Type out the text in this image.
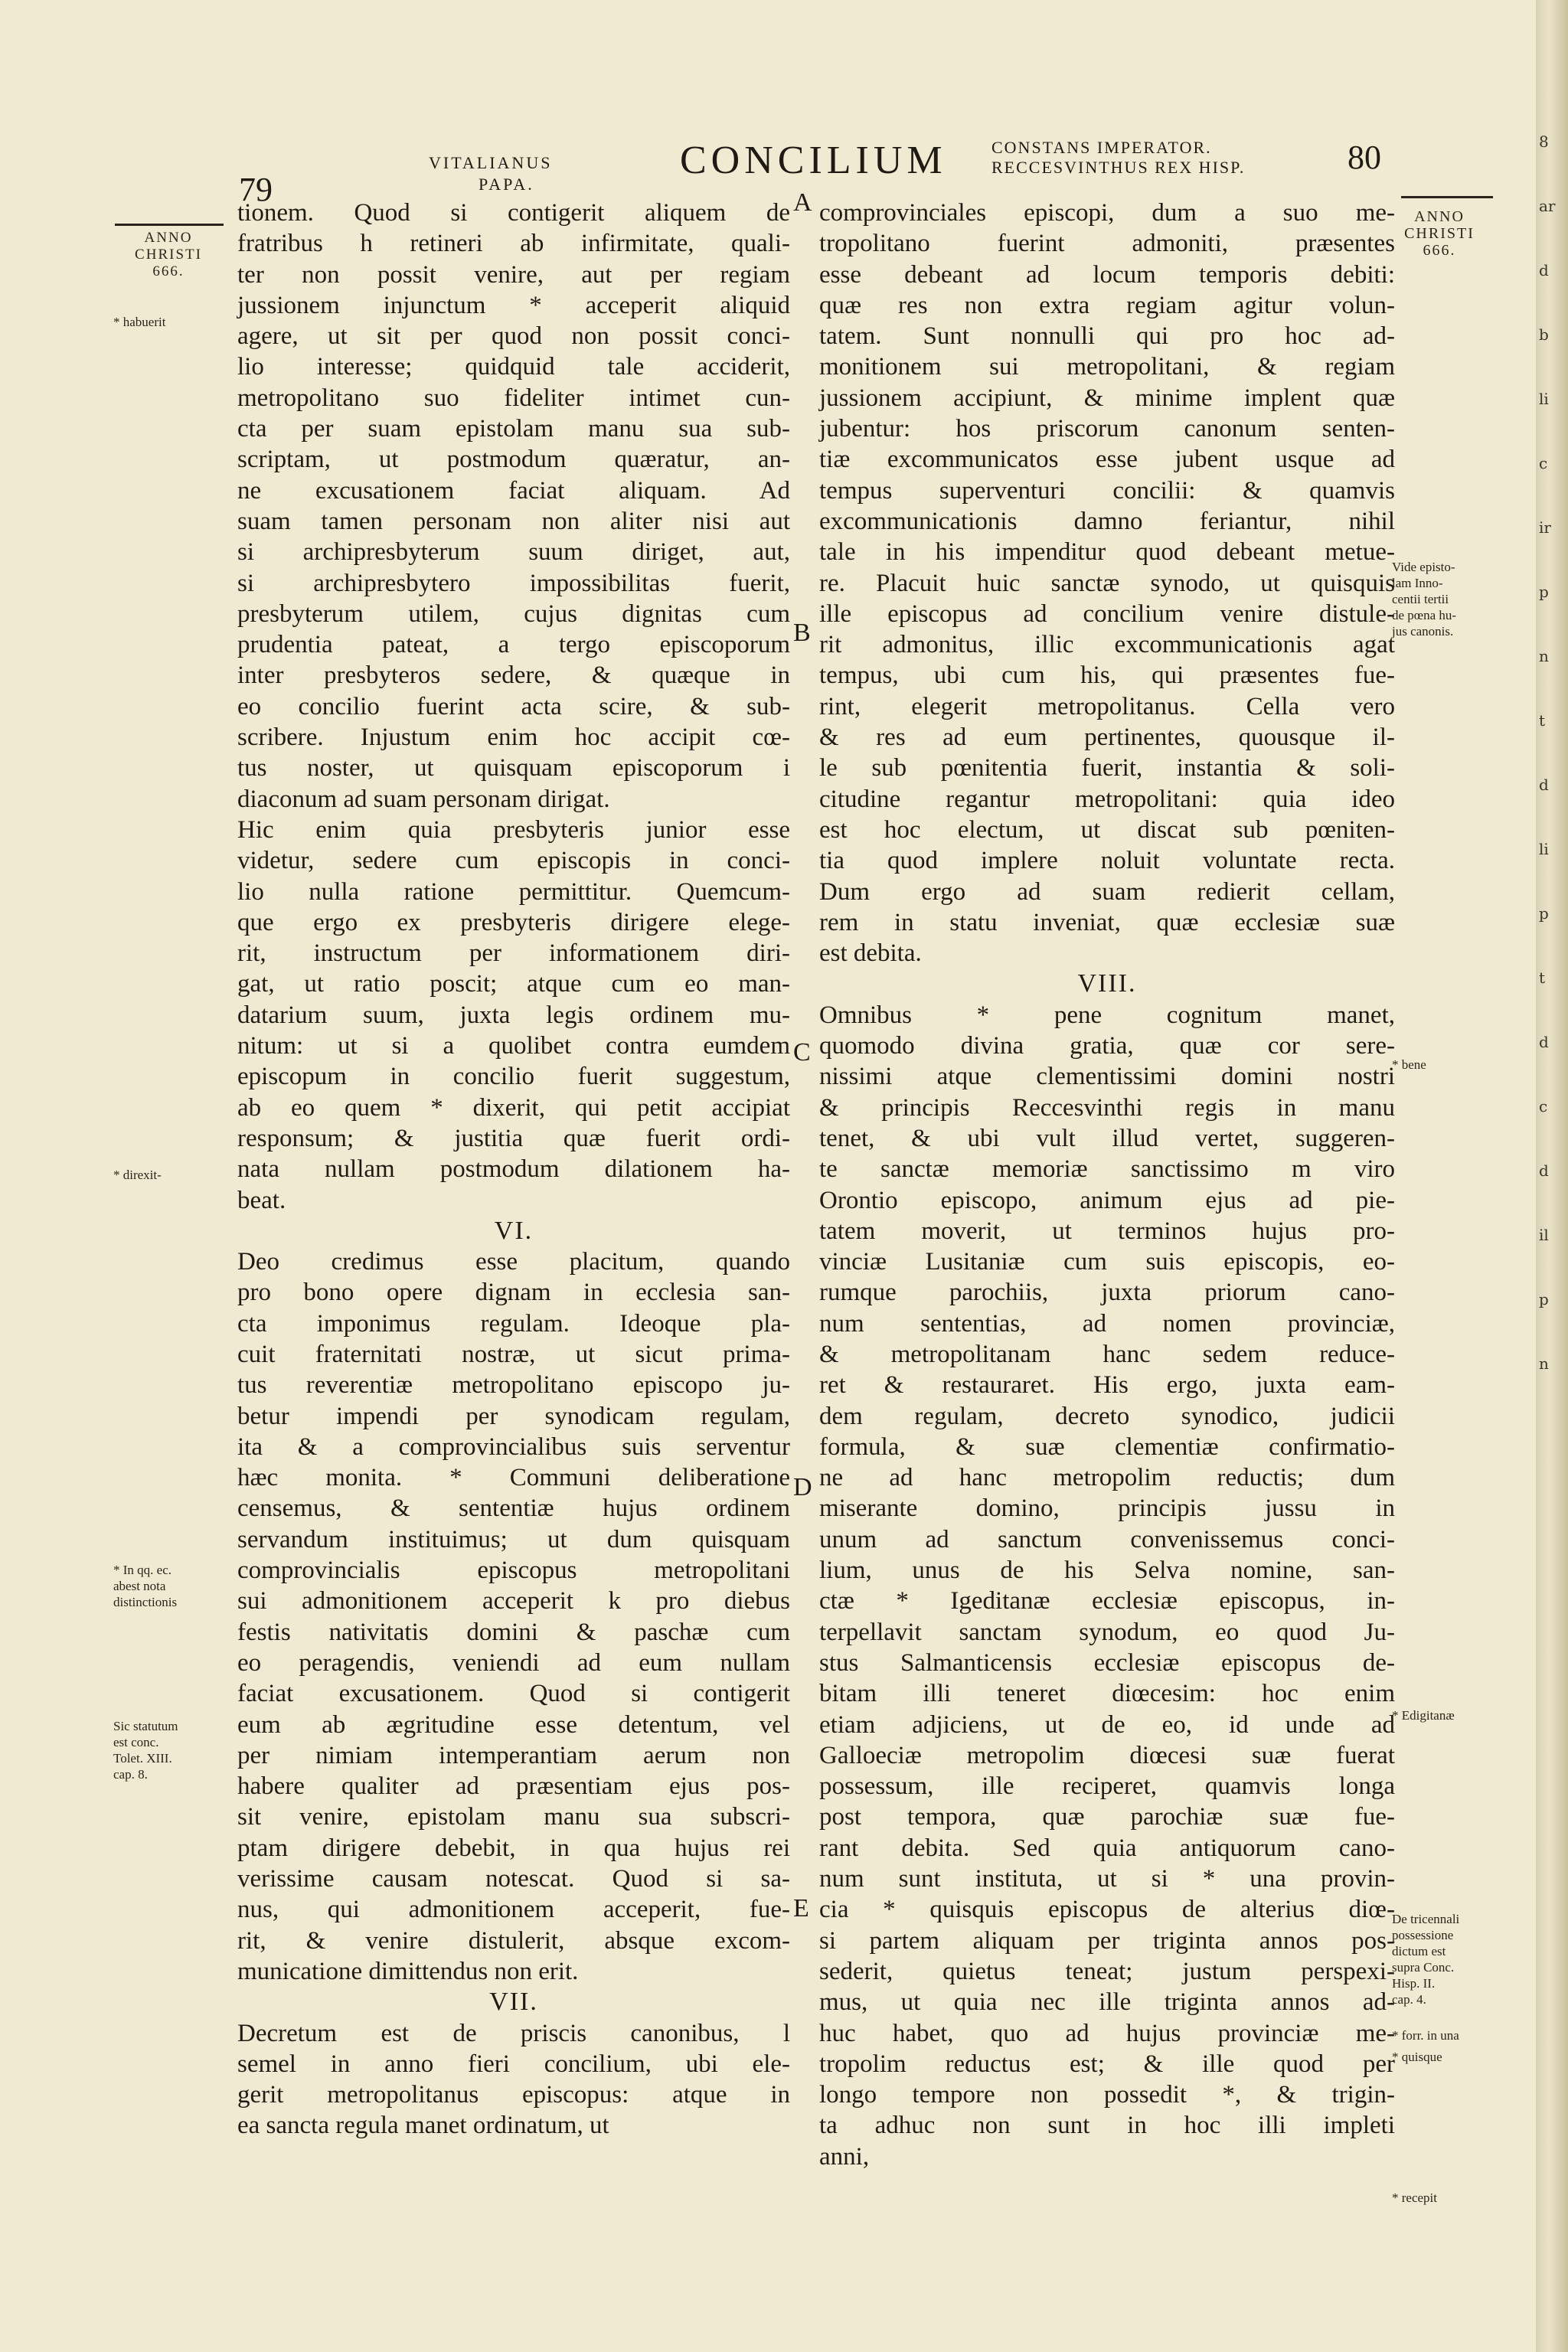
8
ar
d
b
li
c
ir
p
n
t
d
li
p
t
d
c
d
il
p
n
79
VITALIANUS
PAPA.
CONCILIUM	CONSTANS IMPERATOR.
RECCESVINTHUS REX HISP.	80
ANNO
CHRISTI
666.
ANNO
CHRISTI
666.
tionem. Quod si contigerit aliquem de
fratribus h retineri ab infirmitate, quali-
ter non possit venire, aut per regiam
jussionem injunctum * acceperit aliquid
agere, ut sit per quod non possit conci-
lio interesse; quidquid tale acciderit,
metropolitano suo fideliter intimet cun-
cta per suam epistolam manu sua sub-
scriptam, ut postmodum quæratur, an-
ne excusationem faciat aliquam. Ad
suam tamen personam non aliter nisi aut
si archipresbyterum suum diriget, aut,
si archipresbytero impossibilitas fuerit,
presbyterum utilem, cujus dignitas cum
prudentia pateat, a tergo episcoporum
inter presbyteros sedere, & quæque in
eo concilio fuerint acta scire, & sub-
scribere. Injustum enim hoc accipit cœ-
tus noster, ut quisquam episcoporum i
diaconum ad suam personam dirigat.
Hic enim quia presbyteris junior esse
videtur, sedere cum episcopis in conci-
lio nulla ratione permittitur. Quemcum-
que ergo ex presbyteris dirigere elege-
rit, instructum per informationem diri-
gat, ut ratio poscit; atque cum eo man-
datarium suum, juxta legis ordinem mu-
nitum: ut si a quolibet contra eumdem
episcopum in concilio fuerit suggestum,
ab eo quem * dixerit, qui petit accipiat
responsum; & justitia quæ fuerit ordi-
nata nullam postmodum dilationem ha-
beat.
VI.
Deo credimus esse placitum, quando
pro bono opere dignam in ecclesia san-
cta imponimus regulam. Ideoque pla-
cuit fraternitati nostræ, ut sicut prima-
tus reverentiæ metropolitano episcopo ju-
betur impendi per synodicam regulam,
ita & a comprovincialibus suis serventur
hæc monita. * Communi deliberatione
censemus, & sententiæ hujus ordinem
servandum instituimus; ut dum quisquam
comprovincialis episcopus metropolitani
sui admonitionem acceperit k pro diebus
festis nativitatis domini & paschæ cum
eo peragendis, veniendi ad eum nullam
faciat excusationem. Quod si contigerit
eum ab ægritudine esse detentum, vel
per nimiam intemperantiam aerum non
habere qualiter ad præsentiam ejus pos-
sit venire, epistolam manu sua subscri-
ptam dirigere debebit, in qua hujus rei
verissime causam notescat. Quod si sa-
nus, qui admonitionem acceperit, fue-
rit, & venire distulerit, absque excom-
municatione dimittendus non erit.
VII.
Decretum est de priscis canonibus, l
semel in anno fieri concilium, ubi ele-
gerit metropolitanus episcopus: atque in
ea sancta regula manet ordinatum, ut
comprovinciales episcopi, dum a suo me-
tropolitano fuerint admoniti, præsentes
esse debeant ad locum temporis debiti:
quæ res non extra regiam agitur volun-
tatem. Sunt nonnulli qui pro hoc ad-
monitionem sui metropolitani, & regiam
jussionem accipiunt, & minime implent quæ
jubentur: hos priscorum canonum senten-
tiæ excommunicatos esse jubent usque ad
tempus superventuri concilii: & quamvis
excommunicationis damno feriantur, nihil
tale in his impenditur quod debeant metue-
re. Placuit huic sanctæ synodo, ut quisquis
ille episcopus ad concilium venire distule-
rit admonitus, illic excommunicationis agat
tempus, ubi cum his, qui præsentes fue-
rint, elegerit metropolitanus. Cella vero
& res ad eum pertinentes, quousque il-
le sub pœnitentia fuerit, instantia & soli-
citudine regantur metropolitani: quia ideo
est hoc electum, ut discat sub pœniten-
tia quod implere noluit voluntate recta.
Dum ergo ad suam redierit cellam,
rem in statu inveniat, quæ ecclesiæ suæ
est debita.
VIII.
Omnibus * pene cognitum manet,
quomodo divina gratia, quæ cor sere-
nissimi atque clementissimi domini nostri
& principis Reccesvinthi regis in manu
tenet, & ubi vult illud vertet, suggeren-
te sanctæ memoriæ sanctissimo m viro
Orontio episcopo, animum ejus ad pie-
tatem moverit, ut terminos hujus pro-
vinciæ Lusitaniæ cum suis episcopis, eo-
rumque parochiis, juxta priorum cano-
num sententias, ad nomen provinciæ,
& metropolitanam hanc sedem reduce-
ret & restauraret. His ergo, juxta eam-
dem regulam, decreto synodico, judicii
formula, & suæ clementiæ confirmatio-
ne ad hanc metropolim reductis; dum
miserante domino, principis jussu in
unum ad sanctum convenissemus conci-
lium, unus de his Selva nomine, san-
ctæ * Igeditanæ ecclesiæ episcopus, in-
terpellavit sanctam synodum, eo quod Ju-
stus Salmanticensis ecclesiæ episcopus de-
bitam illi teneret diœcesim: hoc enim
etiam adjiciens, ut de eo, id unde ad
Galloeciæ metropolim diœcesi suæ fuerat
possessum, ille reciperet, quamvis longa
post tempora, quæ parochiæ suæ fue-
rant debita. Sed quia antiquorum cano-
num sunt instituta, ut si * una provin-
cia * quisquis episcopus de alterius diœ-
si partem aliquam per triginta annos pos-
sederit, quietus teneat; justum perspexi-
mus, ut quia nec ille triginta annos ad-
huc habet, quo ad hujus provinciæ me-
tropolim reductus est; & ille quod per
longo tempore non possedit *, & trigin-
ta adhuc non sunt in hoc illi impleti
anni,
A
B
C
D
E
* habuerit
* direxit-
* In qq. ec.
abest nota
distinctionis
Sic statutum
est conc.
Tolet. XIII.
cap. 8.
Vide episto-
lam Inno-
centii tertii
de pœna hu-
jus canonis.
* bene
* Edigitanæ
De tricennali
possessione
dictum est
supra Conc.
Hisp. II.
cap. 4.
* forr. in una
* quisque
* recepit
